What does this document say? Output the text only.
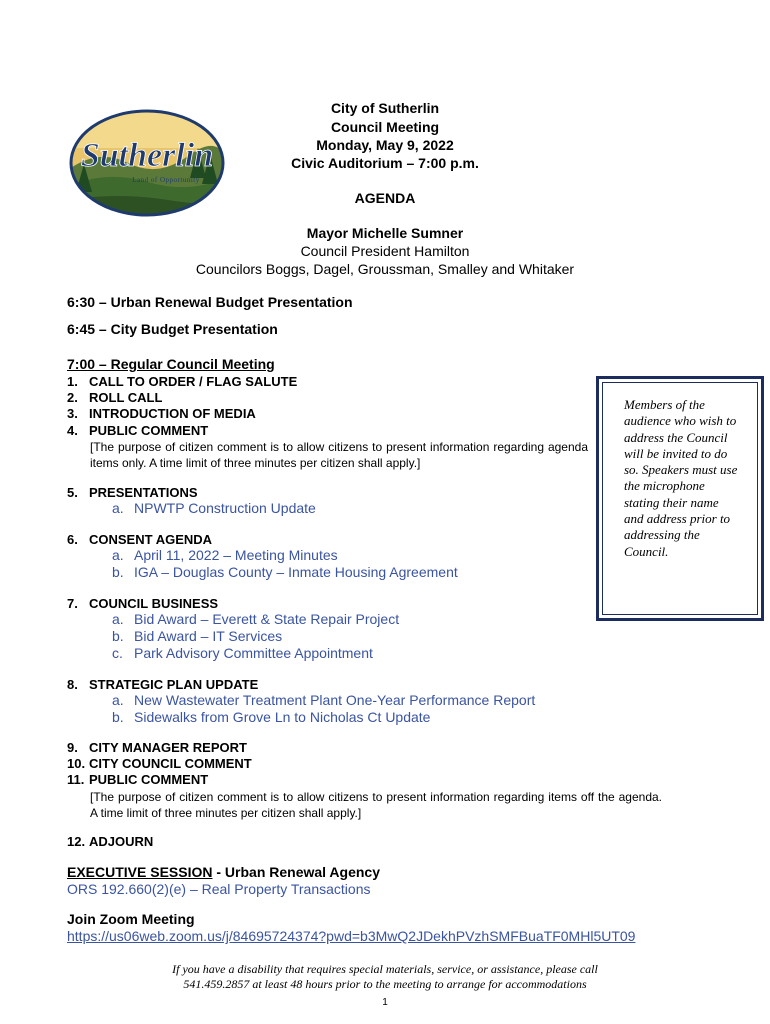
Sutherlin
Land of Opportunity
City of Sutherlin
Council Meeting
Monday, May 9, 2022
Civic Auditorium – 7:00 p.m.
AGENDA
Mayor Michelle Sumner
Council President Hamilton
Councilors Boggs, Dagel, Groussman, Smalley and Whitaker
6:30 – Urban Renewal Budget Presentation
6:45 – City Budget Presentation
7:00 – Regular Council Meeting
1. CALL TO ORDER / FLAG SALUTE
2. ROLL CALL
3. INTRODUCTION OF MEDIA
4. PUBLIC COMMENT
[The purpose of citizen comment is to allow citizens to present information regarding agenda items only. A time limit of three minutes per citizen shall apply.]
5. PRESENTATIONS
a. NPWTP Construction Update
6. CONSENT AGENDA
a. April 11, 2022 – Meeting Minutes
b. IGA – Douglas County – Inmate Housing Agreement
7. COUNCIL BUSINESS
a. Bid Award – Everett & State Repair Project
b. Bid Award – IT Services
c. Park Advisory Committee Appointment
8. STRATEGIC PLAN UPDATE
a. New Wastewater Treatment Plant One-Year Performance Report
b. Sidewalks from Grove Ln to Nicholas Ct Update
9. CITY MANAGER REPORT
10. CITY COUNCIL COMMENT
11. PUBLIC COMMENT
[The purpose of citizen comment is to allow citizens to present information regarding items off the agenda. A time limit of three minutes per citizen shall apply.]
12. ADJOURN
Members of the audience who wish to address the Council will be invited to do so. Speakers must use the microphone stating their name and address prior to addressing the Council.
EXECUTIVE SESSION - Urban Renewal Agency
ORS 192.660(2)(e) – Real Property Transactions
Join Zoom Meeting
https://us06web.zoom.us/j/84695724374?pwd=b3MwQ2JDekhPVzhSMFBuaTF0MHl5UT09
If you have a disability that requires special materials, service, or assistance, please call
541.459.2857 at least 48 hours prior to the meeting to arrange for accommodations
1
